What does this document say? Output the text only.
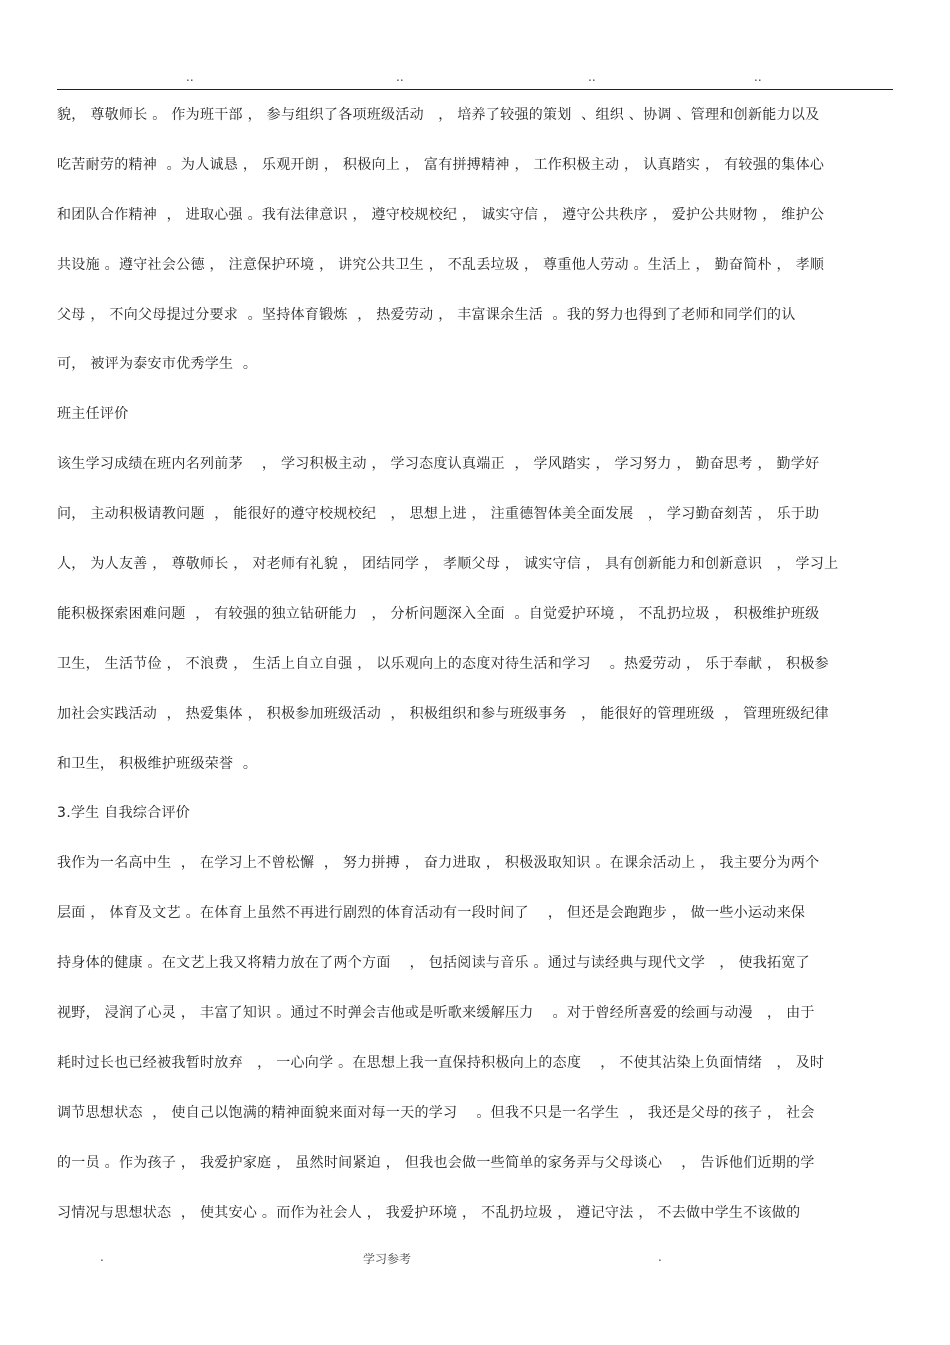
..	..	..	..
貌， 尊敬师长 。 作为班干部 ， 参与组织了各项班级活动   ， 培养了较强的策划  、组织 、协调 、管理和创新能力以及
吃苦耐劳的精神  。为人诚恳 ， 乐观开朗 ， 积极向上 ， 富有拼搏精神 ， 工作积极主动 ， 认真踏实 ， 有较强的集体心
和团队合作精神  ， 进取心强 。我有法律意识 ， 遵守校规校纪 ， 诚实守信 ， 遵守公共秩序 ， 爱护公共财物 ， 维护公
共设施 。遵守社会公德 ， 注意保护环境 ， 讲究公共卫生 ， 不乱丢垃圾 ， 尊重他人劳动 。生活上 ， 勤奋简朴 ， 孝顺
父母 ， 不向父母提过分要求  。坚持体育锻炼  ， 热爱劳动 ， 丰富课余生活  。我的努力也得到了老师和同学们的认
可， 被评为泰安市优秀学生  。
班主任评价
该生学习成绩在班内名列前茅    ， 学习积极主动 ， 学习态度认真端正  ， 学风踏实 ， 学习努力 ， 勤奋思考 ， 勤学好
问， 主动积极请教问题  ， 能很好的遵守校规校纪   ， 思想上进 ， 注重德智体美全面发展   ， 学习勤奋刻苦 ， 乐于助
人， 为人友善 ， 尊敬师长 ， 对老师有礼貌 ， 团结同学 ， 孝顺父母 ， 诚实守信 ， 具有创新能力和创新意识   ， 学习上
能积极探索困难问题  ， 有较强的独立钻研能力   ， 分析问题深入全面  。自觉爱护环境 ， 不乱扔垃圾 ， 积极维护班级
卫生， 生活节俭 ， 不浪费 ， 生活上自立自强 ， 以乐观向上的态度对待生活和学习    。热爱劳动 ， 乐于奉献 ， 积极参
加社会实践活动  ， 热爱集体 ， 积极参加班级活动  ， 积极组织和参与班级事务   ， 能很好的管理班级  ， 管理班级纪律
和卫生， 积极维护班级荣誉  。
3.学生 自我综合评价
我作为一名高中生  ， 在学习上不曾松懈  ， 努力拼搏 ， 奋力进取 ， 积极汲取知识 。在课余活动上 ， 我主要分为两个
层面 ， 体育及文艺 。在体育上虽然不再进行剧烈的体育活动有一段时间了    ， 但还是会跑跑步 ， 做一些小运动来保
持身体的健康 。在文艺上我又将精力放在了两个方面    ， 包括阅读与音乐 。通过与读经典与现代文学   ， 使我拓宽了
视野， 浸润了心灵 ， 丰富了知识 。通过不时弹会吉他或是听歌来缓解压力    。对于曾经所喜爱的绘画与动漫   ， 由于
耗时过长也已经被我暂时放弃   ， 一心向学 。在思想上我一直保持积极向上的态度    ， 不使其沾染上负面情绪   ， 及时
调节思想状态  ， 使自己以饱满的精神面貌来面对每一天的学习    。但我不只是一名学生  ， 我还是父母的孩子 ， 社会
的一员 。作为孩子 ， 我爱护家庭 ， 虽然时间紧迫 ， 但我也会做一些简单的家务弄与父母谈心    ， 告诉他们近期的学
习情况与思想状态  ， 使其安心 。而作为社会人 ， 我爱护环境 ， 不乱扔垃圾 ， 遵记守法 ， 不去做中学生不该做的
.	学习参考	.
